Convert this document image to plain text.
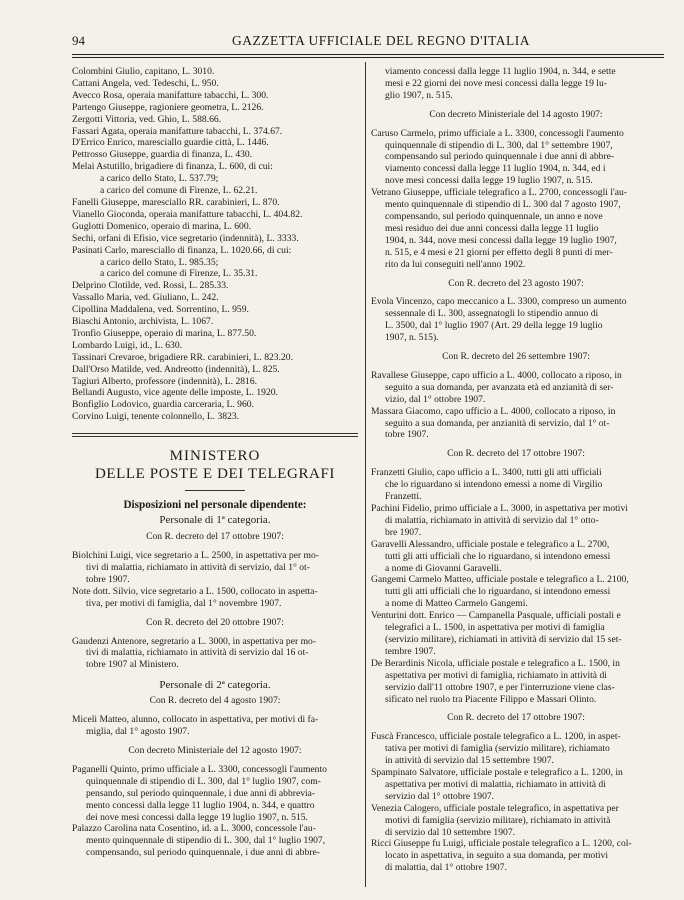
94	GAZZETTA UFFICIALE DEL REGNO D'ITALIA
Colombini Giulio, capitano, L. 3010.
Cattani Angela, ved. Tedeschi, L. 950.
Avecco Rosa, operaia manifatture tabacchi, L. 300.
Partengo Giuseppe, ragioniere geometra, L. 2126.
Zergotti Vittoria, ved. Ghio, L. 588.66.
Fassari Agata, operaia manifatture tabacchi, L. 374.67.
D'Errico Enrico, maresciallo guardie città, L. 1446.
Pettrosso Giuseppe, guardia di finanza, L. 430.
Melai Astutillo, brigadiere di finanza, L. 600, di cui:
a carico dello Stato, L. 537.79;
a carico del comune di Firenze, L. 62.21.
Fanelli Giuseppe, maresciallo RR. carabinieri, L. 870.
Vianello Gioconda, operaia manifatture tabacchi, L. 404.82.
Guglotti Domenico, operaio di marina, L. 600.
Sechi, orfani di Efisio, vice segretario (indennità), L. 3333.
Pasinati Carlo, maresciallo di finanza, L. 1020.66, di cui:
a carico dello Stato, L. 985.35;
a carico del comune di Firenze, L. 35.31.
Delprino Clotilde, ved. Rossi, L. 285.33.
Vassallo Maria, ved. Giuliano, L. 242.
Cipollina Maddalena, ved. Sorrentino, L. 959.
Biaschi Antonio, archivista, L. 1067.
Tronfio Giuseppe, operaio di marina, L. 877.50.
Lombardo Luigi, id., L. 630.
Tassinari Crevaroe, brigadiere RR. carabinieri, L. 823.20.
Dall'Orso Matilde, ved. Andreotto (indennità), L. 825.
Tagiuri Alberto, professore (indennità), L. 2816.
Bellandi Augusto, vice agente delle imposte, L. 1920.
Bonfiglio Lodovico, guardia carceraria, L. 960.
Corvino Luigi, tenente colonnello, L. 3823.
MINISTERO
DELLE POSTE E DEI TELEGRAFI
Disposizioni nel personale dipendente:
Personale di 1ª categoria.
Con R. decreto del 17 ottobre 1907:
Biolchini Luigi, vice segretario a L. 2500, in aspettativa per mo-
tivi di malattia, richiamato in attività di servizio, dal 1° ot-
tobre 1907.
Note dott. Silvio, vice segretario a L. 1500, collocato in aspetta-
tiva, per motivi di famiglia, dal 1° novembre 1907.
Con R. decreto del 20 ottobre 1907:
Gaudenzi Antenore, segretario a L. 3000, in aspettativa per mo-
tivi di malattia, richiamato in attività di servizio dal 16 ot-
tobre 1907 al Ministero.
Personale di 2ª categoria.
Con R. decreto del 4 agosto 1907:
Miceli Matteo, alunno, collocato in aspettativa, per motivi di fa-
miglia, dal 1° agosto 1907.
Con decreto Ministeriale del 12 agosto 1907:
Paganelli Quinto, primo ufficiale a L. 3300, concessogli l'aumento
quinquennale di stipendio di L. 300, dal 1° luglio 1907, com-
pensando, sul periodo quinquennale, i due anni di abbrevia-
mento concessi dalla legge 11 luglio 1904, n. 344, e quattro
dei nove mesi concessi dalla legge 19 luglio 1907, n. 515.
Palazzo Carolina nata Cosentino, id. a L. 3000, concessole l'au-
mento quinquennale di stipendio di L. 300, dal 1° luglio 1907,
compensando, sul periodo quinquennale, i due anni di abbre-
viamento concessi dalla legge 11 luglio 1904, n. 344, e sette
mesi e 22 giorni dei nove mesi concessi dalla legge 19 lu-
glio 1907, n. 515.
Con decreto Ministeriale del 14 agosto 1907:
Caruso Carmelo, primo ufficiale a L. 3300, concessogli l'aumento
quinquennale di stipendio di L. 300, dal 1° settembre 1907,
compensando sul periodo quinquennale i due anni di abbre-
viamento concessi dalla legge 11 luglio 1904, n. 344, ed i
nove mesi concessi dalla legge 19 luglio 1907, n. 515.
Vetrano Giuseppe, ufficiale telegrafico a L. 2700, concessogli l'au-
mento quinquennale di stipendio di L. 300 dal 7 agosto 1907,
compensando, sul periodo quinquennale, un anno e nove
mesi residuo dei due anni concessi dalla legge 11 luglio
1904, n. 344, nove mesi concessi dalla legge 19 luglio 1907,
n. 515, e 4 mesi e 21 giorni per effetto degli 8 punti di mer-
rito da lui conseguiti nell'anno 1902.
Con R. decreto del 23 agosto 1907:
Evola Vincenzo, capo meccanico a L. 3300, compreso un aumento
sessennale di L. 300, assegnatogli lo stipendio annuo di
L. 3500, dal 1° luglio 1907 (Art. 29 della legge 19 luglio
1907, n. 515).
Con R. decreto del 26 settembre 1907:
Ravallese Giuseppe, capo ufficio a L. 4000, collocato a riposo, in
seguito a sua domanda, per avanzata età ed anzianità di ser-
vizio, dal 1° ottobre 1907.
Massara Giacomo, capo ufficio a L. 4000, collocato a riposo, in
seguito a sua domanda, per anzianità di servizio, dal 1° ot-
tobre 1907.
Con R. decreto del 17 ottobre 1907:
Franzetti Giulio, capo ufficio a L. 3400, tutti gli atti ufficiali
che lo riguardano si intendono emessi a nome di Virgilio
Franzetti.
Pachini Fidelio, primo ufficiale a L. 3000, in aspettativa per motivi
di malattia, richiamato in attività di servizio dal 1° otto-
bre 1907.
Garavelli Alessandro, ufficiale postale e telegrafico a L. 2700,
tutti gli atti ufficiali che lo riguardano, si intendono emessi
a nome di Giovanni Garavelli.
Gangemi Carmelo Matteo, ufficiale postale e telegrafico a L. 2100,
tutti gli atti ufficiali che lo riguardano, si intendono emessi
a nome di Matteo Carmelo Gangemi.
Venturini dott. Enrico — Campanella Pasquale, ufficiali postali e
telegrafici a L. 1500, in aspettativa per motivi di famiglia
(servizio militare), richiamati in attività di servizio dal 15 set-
tembre 1907.
De Berardinis Nicola, ufficiale postale e telegrafico a L. 1500, in
aspettativa per motivi di famiglia, richiamato in attività di
servizio dall'11 ottobre 1907, e per l'interruzione viene clas-
sificato nel ruolo tra Piacente Filippo e Massari Olinto.
Con R. decreto del 17 ottobre 1907:
Fuscà Francesco, ufficiale postale telegrafico a L. 1200, in aspet-
tativa per motivi di famiglia (servizio militare), richiamato
in attività di servizio dal 15 settembre 1907.
Spampinato Salvatore, ufficiale postale e telegrafico a L. 1200, in
aspettativa per motivi di malattia, richiamato in attività di
servizio dal 1° ottobre 1907.
Venezia Calogero, ufficiale postale telegrafico, in aspettativa per
motivi di famiglia (servizio militare), richiamato in attività
di servizio dal 10 settembre 1907.
Ricci Giuseppe fu Luigi, ufficiale postale telegrafico a L. 1200, col-
locato in aspettativa, in seguito a sua domanda, per motivi
di malattia, dal 1° ottobre 1907.
